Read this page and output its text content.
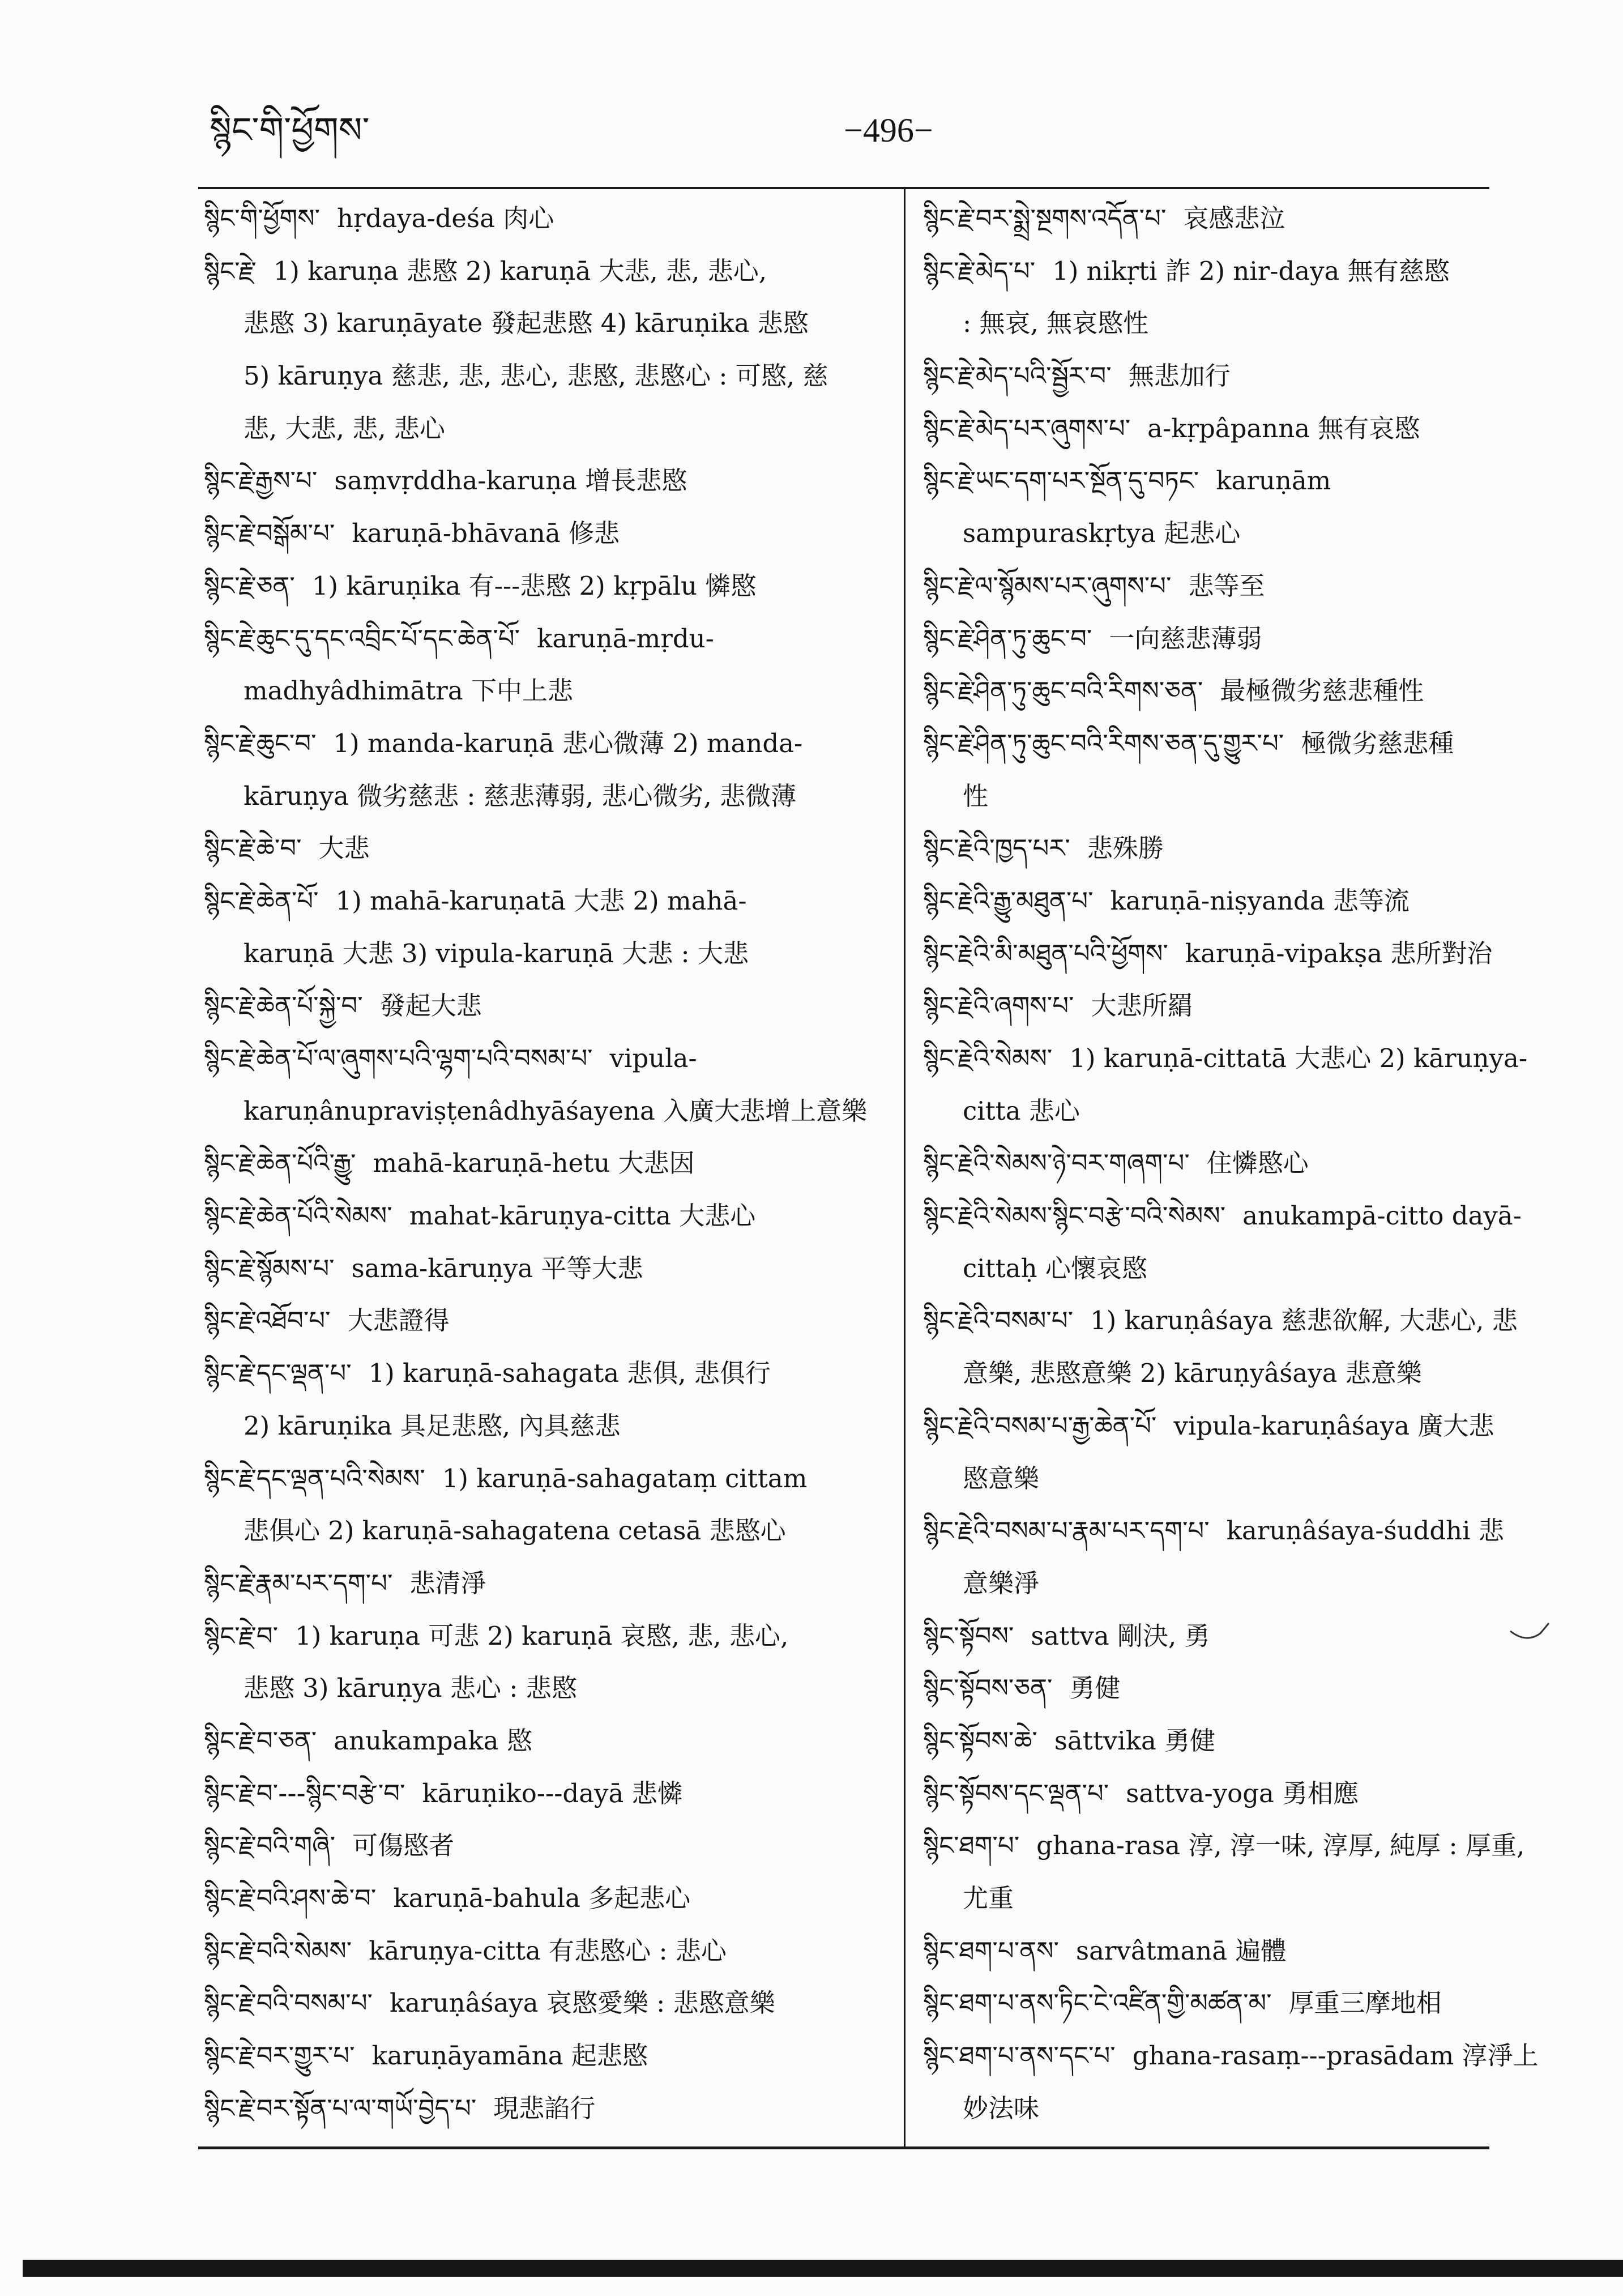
སྙིང་གི་ཕྱོགས་	−496−
སྙིང་གི་ཕྱོགས་ hṛdaya-deśa 肉心
སྙིང་རྗེ་ 1) karuṇa 悲愍 2) karuṇā 大悲, 悲, 悲心,
悲愍 3) karuṇāyate 發起悲愍 4) kāruṇika 悲愍
5) kāruṇya 慈悲, 悲, 悲心, 悲愍, 悲愍心 : 可愍, 慈
悲, 大悲, 悲, 悲心
སྙིང་རྗེ་རྒྱས་པ་ saṃvṛddha-karuṇa 增長悲愍
སྙིང་རྗེ་བསྒོམ་པ་ karuṇā-bhāvanā 修悲
སྙིང་རྗེ་ཅན་ 1) kāruṇika 有---悲愍 2) kṛpālu 憐愍
སྙིང་རྗེ་ཆུང་དུ་དང་འབྲིང་པོ་དང་ཆེན་པོ་ karuṇā-mṛdu-
madhyâdhimātra 下中上悲
སྙིང་རྗེ་ཆུང་བ་ 1) manda-karuṇā 悲心微薄 2) manda-
kāruṇya 微劣慈悲 : 慈悲薄弱, 悲心微劣, 悲微薄
སྙིང་རྗེ་ཆེ་བ་ 大悲
སྙིང་རྗེ་ཆེན་པོ་ 1) mahā-karuṇatā 大悲 2) mahā-
karuṇā 大悲 3) vipula-karuṇā 大悲 : 大悲
སྙིང་རྗེ་ཆེན་པོ་སྐྱེ་བ་ 發起大悲
སྙིང་རྗེ་ཆེན་པོ་ལ་ཞུགས་པའི་ལྷག་པའི་བསམ་པ་ vipula-
karuṇânupraviṣṭenâdhyāśayena 入廣大悲增上意樂
སྙིང་རྗེ་ཆེན་པོའི་རྒྱུ་ mahā-karuṇā-hetu 大悲因
སྙིང་རྗེ་ཆེན་པོའི་སེམས་ mahat-kāruṇya-citta 大悲心
སྙིང་རྗེ་སྙོམས་པ་ sama-kāruṇya 平等大悲
སྙིང་རྗེ་འཐོབ་པ་ 大悲證得
སྙིང་རྗེ་དང་ལྡན་པ་ 1) karuṇā-sahagata 悲俱, 悲俱行
2) kāruṇika 具足悲愍, 內具慈悲
སྙིང་རྗེ་དང་ལྡན་པའི་སེམས་ 1) karuṇā-sahagataṃ cittam
悲俱心 2) karuṇā-sahagatena cetasā 悲愍心
སྙིང་རྗེ་རྣམ་པར་དག་པ་ 悲清淨
སྙིང་རྗེ་བ་ 1) karuṇa 可悲 2) karuṇā 哀愍, 悲, 悲心,
悲愍 3) kāruṇya 悲心 : 悲愍
སྙིང་རྗེ་བ་ཅན་ anukampaka 愍
སྙིང་རྗེ་བ་---སྙིང་བརྩེ་བ་ kāruṇiko---dayā 悲憐
སྙིང་རྗེ་བའི་གཞི་ 可傷愍者
སྙིང་རྗེ་བའི་ཤས་ཆེ་བ་ karuṇā-bahula 多起悲心
སྙིང་རྗེ་བའི་སེམས་ kāruṇya-citta 有悲愍心 : 悲心
སྙིང་རྗེ་བའི་བསམ་པ་ karuṇâśaya 哀愍愛樂 : 悲愍意樂
སྙིང་རྗེ་བར་གྱུར་པ་ karuṇāyamāna 起悲愍
སྙིང་རྗེ་བར་སྟོན་པ་ལ་གཡོ་བྱེད་པ་ 現悲諂行
སྙིང་རྗེ་བར་སྨྲེ་སྔགས་འདོན་པ་ 哀感悲泣
སྙིང་རྗེ་མེད་པ་ 1) nikṛti 詐 2) nir-daya 無有慈愍
: 無哀, 無哀愍性
སྙིང་རྗེ་མེད་པའི་སྦྱོར་བ་ 無悲加行
སྙིང་རྗེ་མེད་པར་ཞུགས་པ་ a-kṛpâpanna 無有哀愍
སྙིང་རྗེ་ཡང་དག་པར་སྔོན་དུ་བཏང་ karuṇām
sampuraskṛtya 起悲心
སྙིང་རྗེ་ལ་སྙོམས་པར་ཞུགས་པ་ 悲等至
སྙིང་རྗེ་ཤིན་ཏུ་ཆུང་བ་ 一向慈悲薄弱
སྙིང་རྗེ་ཤིན་ཏུ་ཆུང་བའི་རིགས་ཅན་ 最極微劣慈悲種性
སྙིང་རྗེ་ཤིན་ཏུ་ཆུང་བའི་རིགས་ཅན་དུ་གྱུར་པ་ 極微劣慈悲種
性
སྙིང་རྗེའི་ཁྱད་པར་ 悲殊勝
སྙིང་རྗེའི་རྒྱུ་མཐུན་པ་ karuṇā-niṣyanda 悲等流
སྙིང་རྗེའི་མི་མཐུན་པའི་ཕྱོགས་ karuṇā-vipakṣa 悲所對治
སྙིང་རྗེའི་ཞགས་པ་ 大悲所羂
སྙིང་རྗེའི་སེམས་ 1) karuṇā-cittatā 大悲心 2) kāruṇya-
citta 悲心
སྙིང་རྗེའི་སེམས་ཉེ་བར་གཞག་པ་ 住憐愍心
སྙིང་རྗེའི་སེམས་སྙིང་བརྩེ་བའི་སེམས་ anukampā-citto dayā-
cittaḥ 心懷哀愍
སྙིང་རྗེའི་བསམ་པ་ 1) karuṇâśaya 慈悲欲解, 大悲心, 悲
意樂, 悲愍意樂 2) kāruṇyâśaya 悲意樂
སྙིང་རྗེའི་བསམ་པ་རྒྱ་ཆེན་པོ་ vipula-karuṇâśaya 廣大悲
愍意樂
སྙིང་རྗེའི་བསམ་པ་རྣམ་པར་དག་པ་ karuṇâśaya-śuddhi 悲
意樂淨
སྙིང་སྟོབས་ sattva 剛決, 勇
སྙིང་སྟོབས་ཅན་ 勇健
སྙིང་སྟོབས་ཆེ་ sāttvika 勇健
སྙིང་སྟོབས་དང་ལྡན་པ་ sattva-yoga 勇相應
སྙིང་ཐག་པ་ ghana-rasa 淳, 淳一味, 淳厚, 純厚 : 厚重,
尤重
སྙིང་ཐག་པ་ནས་ sarvâtmanā 遍體
སྙིང་ཐག་པ་ནས་ཏིང་ངེ་འཛིན་གྱི་མཚན་མ་ 厚重三摩地相
སྙིང་ཐག་པ་ནས་དང་པ་ ghana-rasaṃ---prasādam 淳淨上
妙法味
